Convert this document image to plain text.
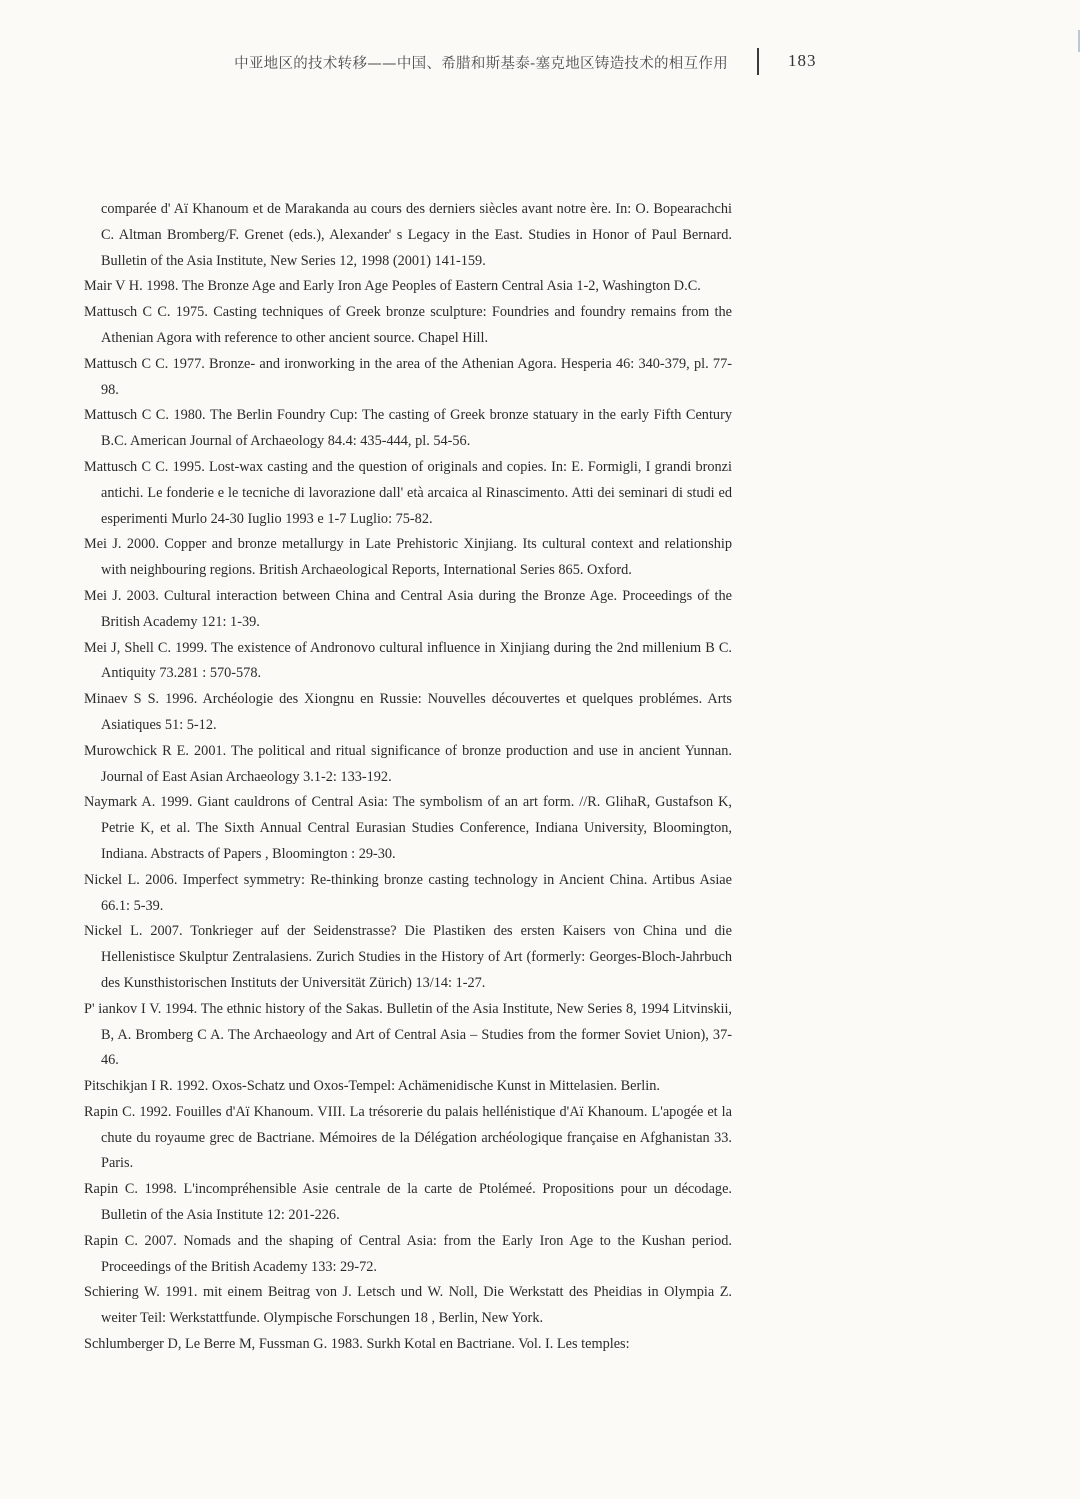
中亚地区的技术转移——中国、希腊和斯基泰-塞克地区铸造技术的相互作用	183
comparée d' Aï Khanoum et de Marakanda au cours des derniers siècles avant notre ère. In: O. Bopearachchi C. Altman Bromberg/F. Grenet (eds.), Alexander' s Legacy in the East. Studies in Honor of Paul Bernard. Bulletin of the Asia Institute, New Series 12, 1998 (2001) 141-159.
Mair V H. 1998. The Bronze Age and Early Iron Age Peoples of Eastern Central Asia 1-2, Washington D.C.
Mattusch C C. 1975. Casting techniques of Greek bronze sculpture: Foundries and foundry remains from the Athenian Agora with reference to other ancient source. Chapel Hill.
Mattusch C C. 1977. Bronze- and ironworking in the area of the Athenian Agora. Hesperia 46: 340-379, pl. 77-98.
Mattusch C C. 1980. The Berlin Foundry Cup: The casting of Greek bronze statuary in the early Fifth Century B.C. American Journal of Archaeology 84.4: 435-444, pl. 54-56.
Mattusch C C. 1995. Lost-wax casting and the question of originals and copies. In: E. Formigli, I grandi bronzi antichi. Le fonderie e le tecniche di lavorazione dall' età arcaica al Rinascimento. Atti dei seminari di studi ed esperimenti Murlo 24-30 Iuglio 1993 e 1-7 Luglio: 75-82.
Mei J. 2000. Copper and bronze metallurgy in Late Prehistoric Xinjiang. Its cultural context and relationship with neighbouring regions. British Archaeological Reports, International Series 865. Oxford.
Mei J. 2003. Cultural interaction between China and Central Asia during the Bronze Age. Proceedings of the British Academy 121: 1-39.
Mei J, Shell C. 1999. The existence of Andronovo cultural influence in Xinjiang during the 2nd millenium B C. Antiquity 73.281 : 570-578.
Minaev S S. 1996. Archéologie des Xiongnu en Russie: Nouvelles découvertes et quelques problémes. Arts Asiatiques 51: 5-12.
Murowchick R E. 2001. The political and ritual significance of bronze production and use in ancient Yunnan. Journal of East Asian Archaeology 3.1-2: 133-192.
Naymark A. 1999. Giant cauldrons of Central Asia: The symbolism of an art form. //R. GlihaR, Gustafson K, Petrie K, et al. The Sixth Annual Central Eurasian Studies Conference, Indiana University, Bloomington, Indiana. Abstracts of Papers , Bloomington : 29-30.
Nickel L. 2006. Imperfect symmetry: Re-thinking bronze casting technology in Ancient China. Artibus Asiae 66.1: 5-39.
Nickel L. 2007. Tonkrieger auf der Seidenstrasse? Die Plastiken des ersten Kaisers von China und die Hellenistisce Skulptur Zentralasiens. Zurich Studies in the History of Art (formerly: Georges-Bloch-Jahrbuch des Kunsthistorischen Instituts der Universität Zürich) 13/14: 1-27.
P' iankov I V. 1994. The ethnic history of the Sakas. Bulletin of the Asia Institute, New Series 8, 1994 Litvinskii, B, A. Bromberg C A. The Archaeology and Art of Central Asia – Studies from the former Soviet Union), 37-46.
Pitschikjan I R. 1992. Oxos-Schatz und Oxos-Tempel: Achämenidische Kunst in Mittelasien. Berlin.
Rapin C. 1992. Fouilles d'Aï Khanoum. VIII. La trésorerie du palais hellénistique d'Aï Khanoum. L'apogée et la chute du royaume grec de Bactriane. Mémoires de la Délégation archéologique française en Afghanistan 33. Paris.
Rapin C. 1998. L'incompréhensible Asie centrale de la carte de Ptolémeé. Propositions pour un décodage. Bulletin of the Asia Institute 12: 201-226.
Rapin C. 2007. Nomads and the shaping of Central Asia: from the Early Iron Age to the Kushan period. Proceedings of the British Academy 133: 29-72.
Schiering W. 1991. mit einem Beitrag von J. Letsch und W. Noll, Die Werkstatt des Pheidias in Olympia Z. weiter Teil: Werkstattfunde. Olympische Forschungen 18 , Berlin, New York.
Schlumberger D, Le Berre M, Fussman G. 1983. Surkh Kotal en Bactriane. Vol. I. Les temples:
